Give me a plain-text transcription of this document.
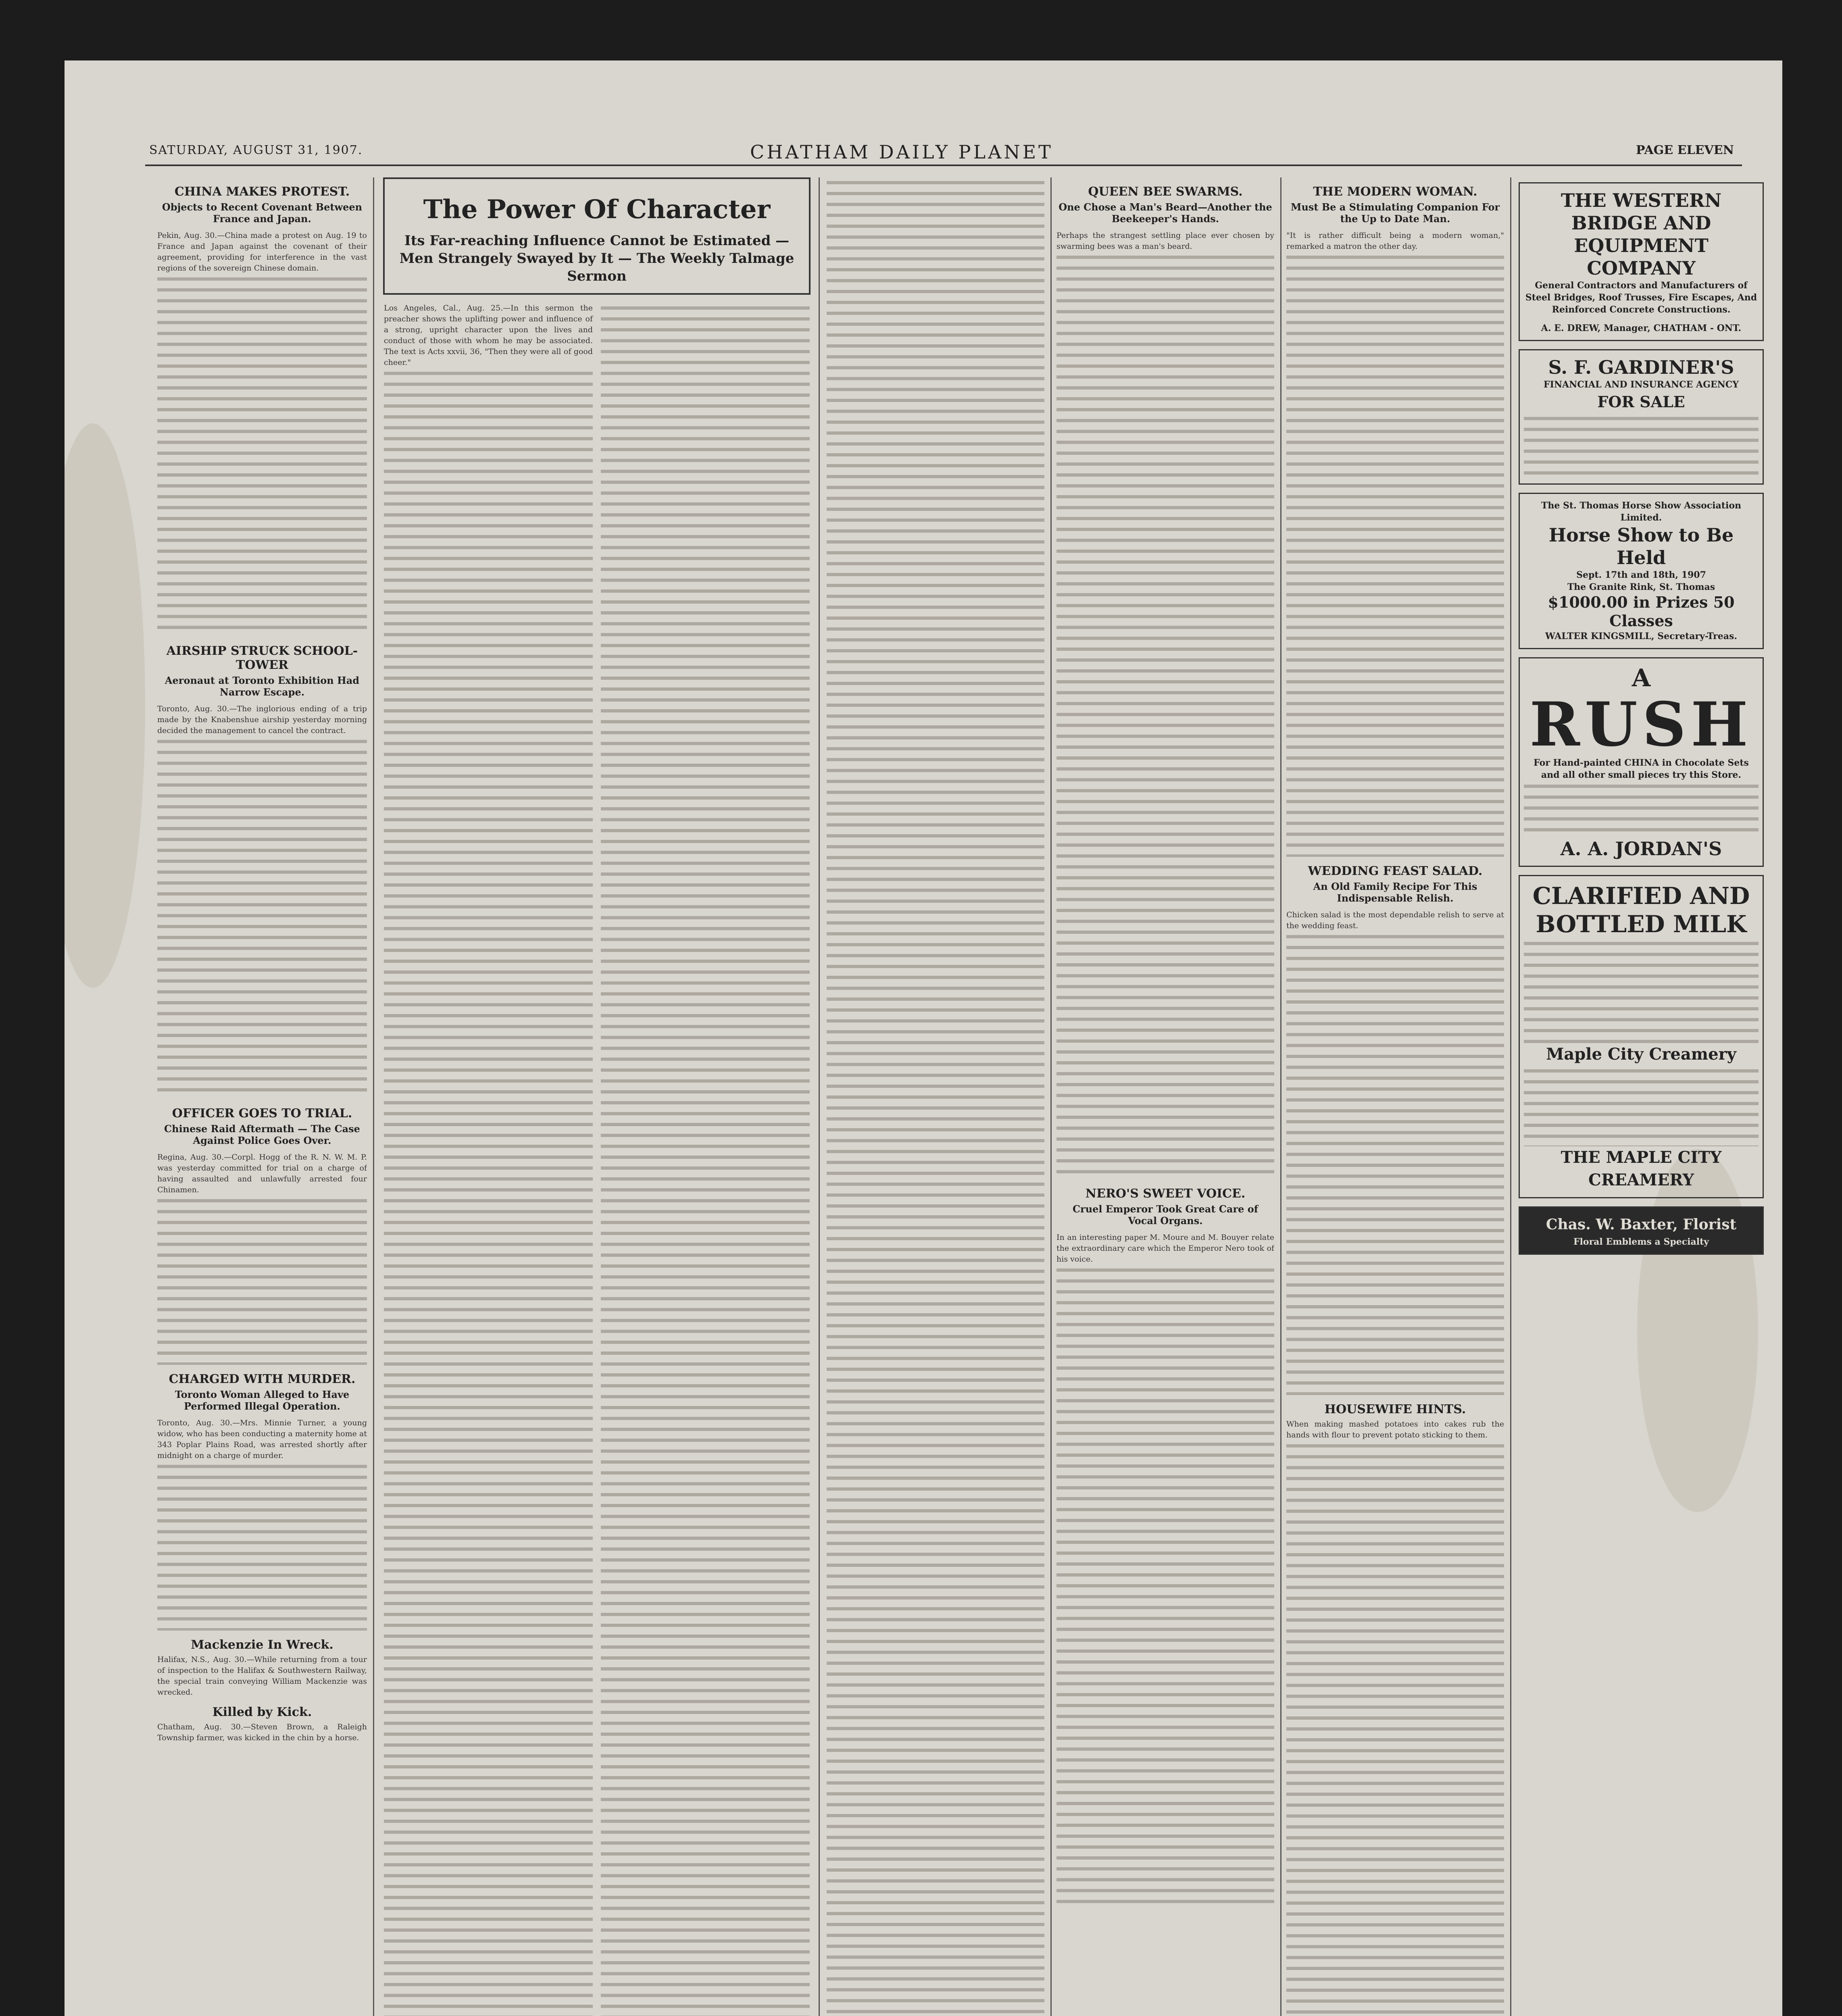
SATURDAY, AUGUST 31, 1907.	CHATHAM DAILY PLANET	PAGE ELEVEN
CHINA MAKES PROTEST.
Objects to Recent Covenant Between France and Japan.
Pekin, Aug. 30.—China made a protest on Aug. 19 to France and Japan against the covenant of their agreement, providing for interference in the vast regions of the sovereign Chinese domain.
AIRSHIP STRUCK SCHOOL-TOWER
Aeronaut at Toronto Exhibition Had Narrow Escape.
Toronto, Aug. 30.—The inglorious ending of a trip made by the Knabenshue airship yesterday morning decided the management to cancel the contract.
OFFICER GOES TO TRIAL.
Chinese Raid Aftermath — The Case Against Police Goes Over.
Regina, Aug. 30.—Corpl. Hogg of the R. N. W. M. P. was yesterday committed for trial on a charge of having assaulted and unlawfully arrested four Chinamen.
CHARGED WITH MURDER.
Toronto Woman Alleged to Have Performed Illegal Operation.
Toronto, Aug. 30.—Mrs. Minnie Turner, a young widow, who has been conducting a maternity home at 343 Poplar Plains Road, was arrested shortly after midnight on a charge of murder.
Mackenzie In Wreck.
Halifax, N.S., Aug. 30.—While returning from a tour of inspection to the Halifax & Southwestern Railway, the special train conveying William Mackenzie was wrecked.
Killed by Kick.
Chatham, Aug. 30.—Steven Brown, a Raleigh Township farmer, was kicked in the chin by a horse.
The Power Of Character
Its Far-reaching Influence Cannot be Estimated — Men Strangely Swayed by It — The Weekly Talmage Sermon
Los Angeles, Cal., Aug. 25.—In this sermon the preacher shows the uplifting power and influence of a strong, upright character upon the lives and conduct of those with whom he may be associated. The text is Acts xxvii, 36, "Then they were all of good cheer."
QUEEN BEE SWARMS.
One Chose a Man's Beard—Another the Beekeeper's Hands.
Perhaps the strangest settling place ever chosen by swarming bees was a man's beard.
NERO'S SWEET VOICE.
Cruel Emperor Took Great Care of Vocal Organs.
In an interesting paper M. Moure and M. Bouyer relate the extraordinary care which the Emperor Nero took of his voice.
THE MODERN WOMAN.
Must Be a Stimulating Companion For the Up to Date Man.
"It is rather difficult being a modern woman," remarked a matron the other day.
WEDDING FEAST SALAD.
An Old Family Recipe For This Indispensable Relish.
Chicken salad is the most dependable relish to serve at the wedding feast.
HOUSEWIFE HINTS.
When making mashed potatoes into cakes rub the hands with flour to prevent potato sticking to them.
THE WESTERN BRIDGE AND EQUIPMENT COMPANY
General Contractors and Manufacturers of Steel Bridges, Roof Trusses, Fire Escapes, And Reinforced Concrete Constructions.
A. E. DREW, Manager, CHATHAM - ONT.
S. F. GARDINER'S
FINANCIAL AND INSURANCE AGENCY
FOR SALE
The St. Thomas Horse Show Association Limited.
Horse Show to Be Held
Sept. 17th and 18th, 1907
The Granite Rink, St. Thomas
$1000.00 in Prizes 50 Classes
WALTER KINGSMILL, Secretary-Treas.
A
RUSH
For Hand-painted CHINA in Chocolate Sets and all other small pieces try this Store.
A. A. JORDAN'S
CLARIFIED AND BOTTLED MILK
Maple City Creamery
THE MAPLE CITY CREAMERY
Chas. W. Baxter, Florist
Floral Emblems a Specialty
